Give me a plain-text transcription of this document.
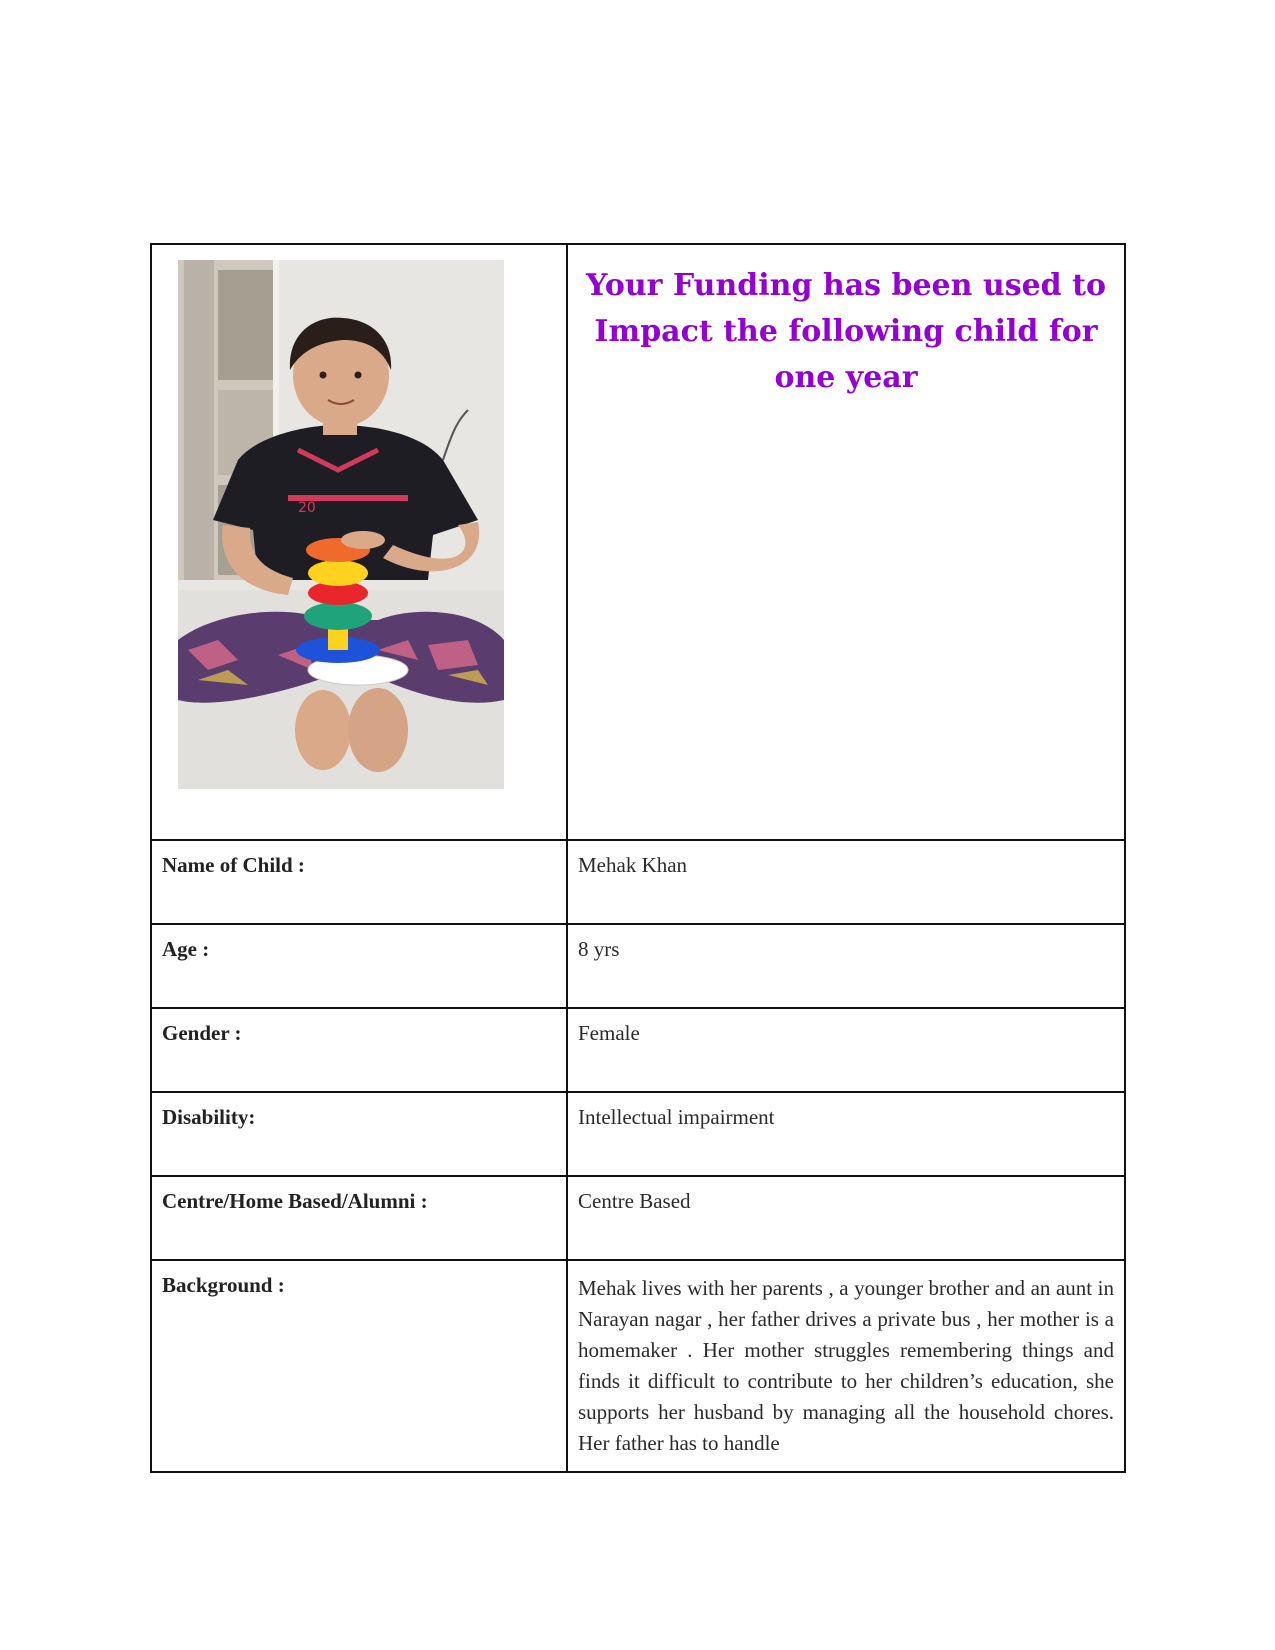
20	Your Funding has been used to Impact the following child for one year

Name of Child :	Mehak Khan

Age :	8 yrs

Gender :	Female

Disability:	Intellectual impairment

Centre/Home Based/Alumni :	Centre Based

Background :	Mehak lives with her parents , a younger brother and an aunt in Narayan nagar , her father drives a private bus , her mother is a homemaker . Her mother struggles remembering things and finds it difficult to contribute to her children’s education, she supports her husband by managing all the household chores. Her father has to handle
